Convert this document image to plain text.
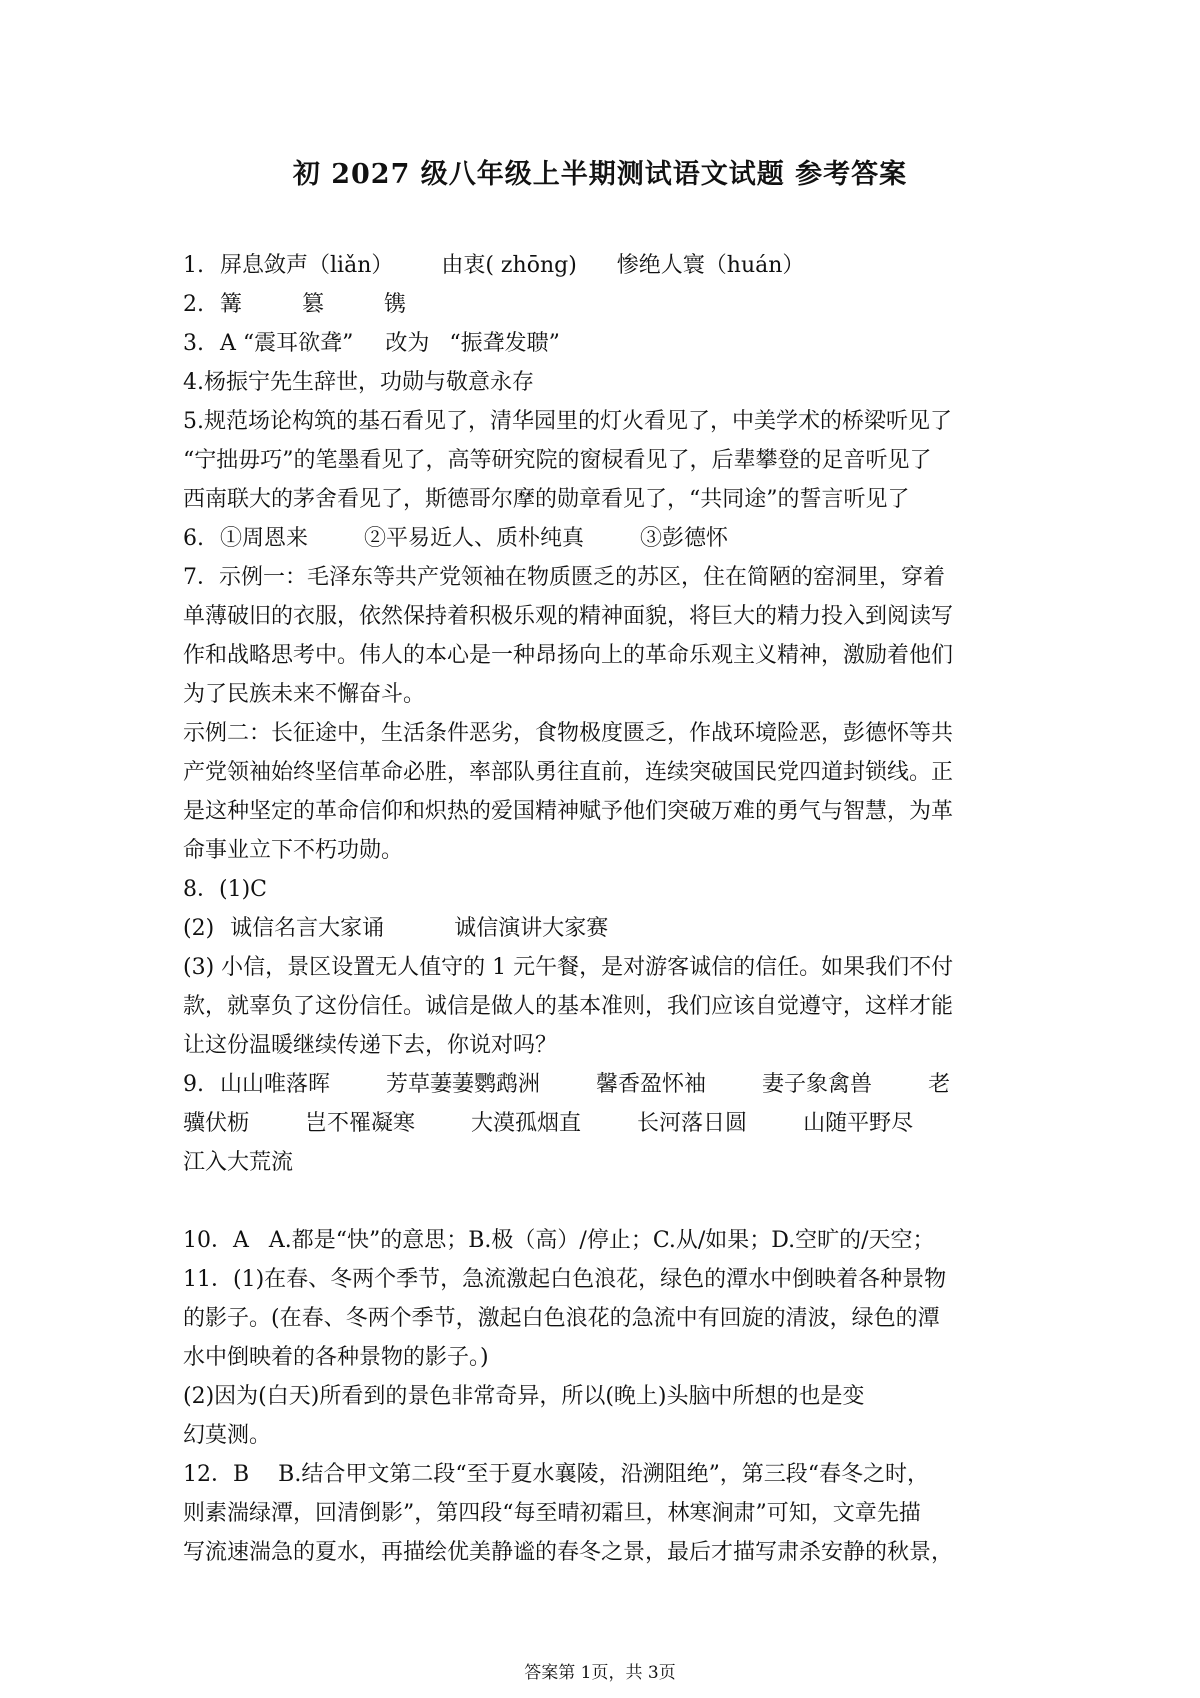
初 2027 级八年级上半期测试语文试题 参考答案
1. 屏息敛声（liǎn） 由衷( zhōng) 惨绝人寰（huán）
2. 篝	篡	镌
3. A “震耳欲聋” 改为 “振聋发聩”
4.杨振宁先生辞世，功勋与敬意永存
5.规范场论构筑的基石看见了，清华园里的灯火看见了，中美学术的桥梁听见了
“宁拙毋巧”的笔墨看见了，高等研究院的窗棂看见了，后辈攀登的足音听见了
西南联大的茅舍看见了，斯德哥尔摩的勋章看见了，“共同途”的誓言听见了
6. ①周恩来	②平易近人、质朴纯真	③彭德怀
7．示例一：毛泽东等共产党领袖在物质匮乏的苏区，住在简陋的窑洞里，穿着
单薄破旧的衣服，依然保持着积极乐观的精神面貌，将巨大的精力投入到阅读写
作和战略思考中。伟人的本心是一种昂扬向上的革命乐观主义精神，激励着他们
为了民族未来不懈奋斗。
示例二：长征途中，生活条件恶劣，食物极度匮乏，作战环境险恶，彭德怀等共
产党领袖始终坚信革命必胜，率部队勇往直前，连续突破国民党四道封锁线。正
是这种坚定的革命信仰和炽热的爱国精神赋予他们突破万难的勇气与智慧，为革
命事业立下不朽功勋。
8．(1)C
(2) 诚信名言大家诵	诚信演讲大家赛
(3) 小信，景区设置无人值守的 1 元午餐，是对游客诚信的信任。如果我们不付
款，就辜负了这份信任。诚信是做人的基本准则，我们应该自觉遵守，这样才能
让这份温暖继续传递下去，你说对吗？
9. 山山唯落晖	芳草萋萋鹦鹉洲	馨香盈怀袖	妻子象禽兽	老
骥伏枥	岂不罹凝寒	大漠孤烟直	长河落日圆	山随平野尽
江入大荒流
10．A A.都是“快”的意思；B.极（高）/停止；C.从/如果；D.空旷的/天空；
11．(1)在春、冬两个季节，急流激起白色浪花，绿色的潭水中倒映着各种景物
的影子。(在春、冬两个季节，激起白色浪花的急流中有回旋的清波，绿色的潭
水中倒映着的各种景物的影子。)
(2)因为(白天)所看到的景色非常奇异，所以(晚上)头脑中所想的也是变
幻莫测。
12．B　 B.结合甲文第二段“至于夏水襄陵，沿溯阻绝”，第三段“春冬之时，
则素湍绿潭，回清倒影”，第四段“每至晴初霜旦，林寒涧肃”可知，文章先描
写流速湍急的夏水，再描绘优美静谧的春冬之景，最后才描写肃杀安静的秋景，
答案第 1页，共 3页
